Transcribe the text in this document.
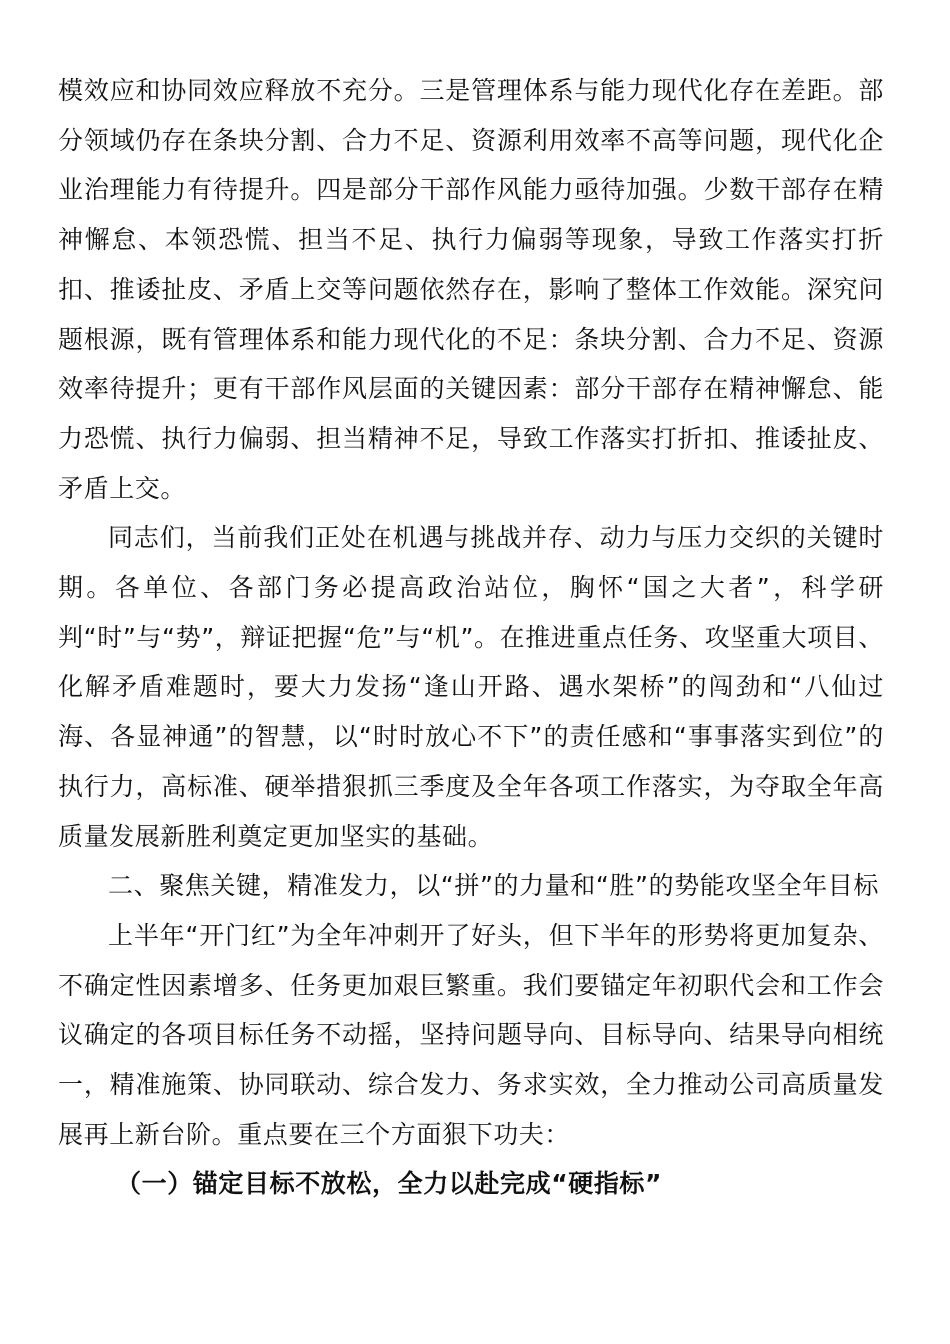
模效应和协同效应释放不充分。三是管理体系与能力现代化存在差距。部分领域仍存在条块分割、合力不足、资源利用效率不高等问题，现代化企业治理能力有待提升。四是部分干部作风能力亟待加强。少数干部存在精神懈怠、本领恐慌、担当不足、执行力偏弱等现象，导致工作落实打折扣、推诿扯皮、矛盾上交等问题依然存在，影响了整体工作效能。深究问题根源，既有管理体系和能力现代化的不足：条块分割、合力不足、资源效率待提升；更有干部作风层面的关键因素：部分干部存在精神懈怠、能力恐慌、执行力偏弱、担当精神不足，导致工作落实打折扣、推诿扯皮、矛盾上交。

同志们，当前我们正处在机遇与挑战并存、动力与压力交织的关键时期。各单位、各部门务必提高政治站位，胸怀“国之大者”，科学研判“时”与“势”，辩证把握“危”与“机”。在推进重点任务、攻坚重大项目、化解矛盾难题时，要大力发扬“逢山开路、遇水架桥”的闯劲和“八仙过海、各显神通”的智慧，以“时时放心不下”的责任感和“事事落实到位”的执行力，高标准、硬举措狠抓三季度及全年各项工作落实，为夺取全年高质量发展新胜利奠定更加坚实的基础。

二、聚焦关键，精准发力，以“拼”的力量和“胜”的势能攻坚全年目标

上半年“开门红”为全年冲刺开了好头，但下半年的形势将更加复杂、不确定性因素增多、任务更加艰巨繁重。我们要锚定年初职代会和工作会议确定的各项目标任务不动摇，坚持问题导向、目标导向、结果导向相统一，精准施策、协同联动、综合发力、务求实效，全力推动公司高质量发展再上新台阶。重点要在三个方面狠下功夫：

（一）锚定目标不放松，全力以赴完成“硬指标”
